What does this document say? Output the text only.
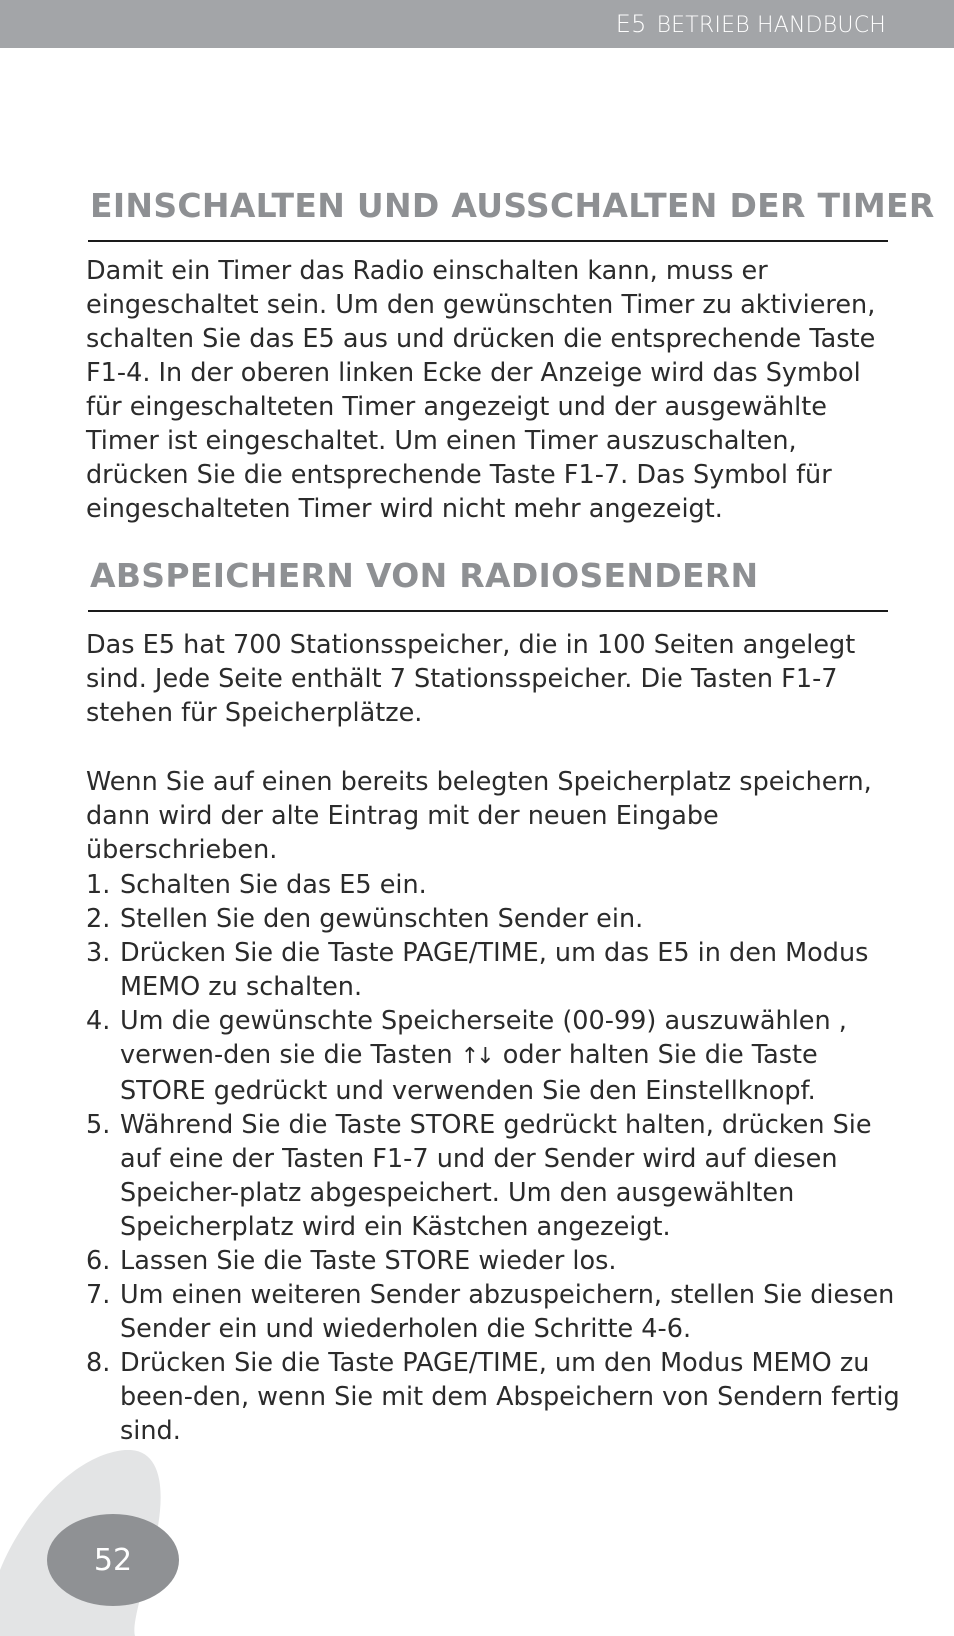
E5 BETRIEB HANDBUCH
EINSCHALTEN UND AUSSCHALTEN DER TIMER

Damit ein Timer das Radio einschalten kann, muss er eingeschaltet sein. Um den gewünschten Timer zu aktivieren, schalten Sie das E5 aus und drücken die entsprechende Taste F1-4. In der oberen linken Ecke der Anzeige wird das Symbol für eingeschalteten Timer angezeigt und der ausgewählte Timer ist eingeschaltet. Um einen Timer auszuschalten, drücken Sie die entsprechende Taste F1-7. Das Symbol für eingeschalteten Timer wird nicht mehr angezeigt.

ABSPEICHERN VON RADIOSENDERN

Das E5 hat 700 Stationsspeicher, die in 100 Seiten angelegt sind. Jede Seite enthält 7 Stationsspeicher. Die Tasten F1-7 stehen für Speicherplätze.

Wenn Sie auf einen bereits belegten Speicherplatz speichern, dann wird der alte Eintrag mit der neuen Eingabe überschrieben.

1. Schalten Sie das E5 ein.
2. Stellen Sie den gewünschten Sender ein.
3. Drücken Sie die Taste PAGE/TIME, um das E5 in den Modus MEMO zu schalten.
4. Um die gewünschte Speicherseite (00-99) auszuwählen , verwen-den sie die Tasten ↑↓ oder halten Sie die Taste STORE gedrückt und verwenden Sie den Einstellknopf.
5. Während Sie die Taste STORE gedrückt halten, drücken Sie auf eine der Tasten F1-7 und der Sender wird auf diesen Speicher-platz abgespeichert. Um den ausgewählten Speicherplatz wird ein Kästchen angezeigt.
6. Lassen Sie die Taste STORE wieder los.
7. Um einen weiteren Sender abzuspeichern, stellen Sie diesen Sender ein und wiederholen die Schritte 4-6.
8. Drücken Sie die Taste PAGE/TIME, um den Modus MEMO zu been-den, wenn Sie mit dem Abspeichern von Sendern fertig sind.
52
